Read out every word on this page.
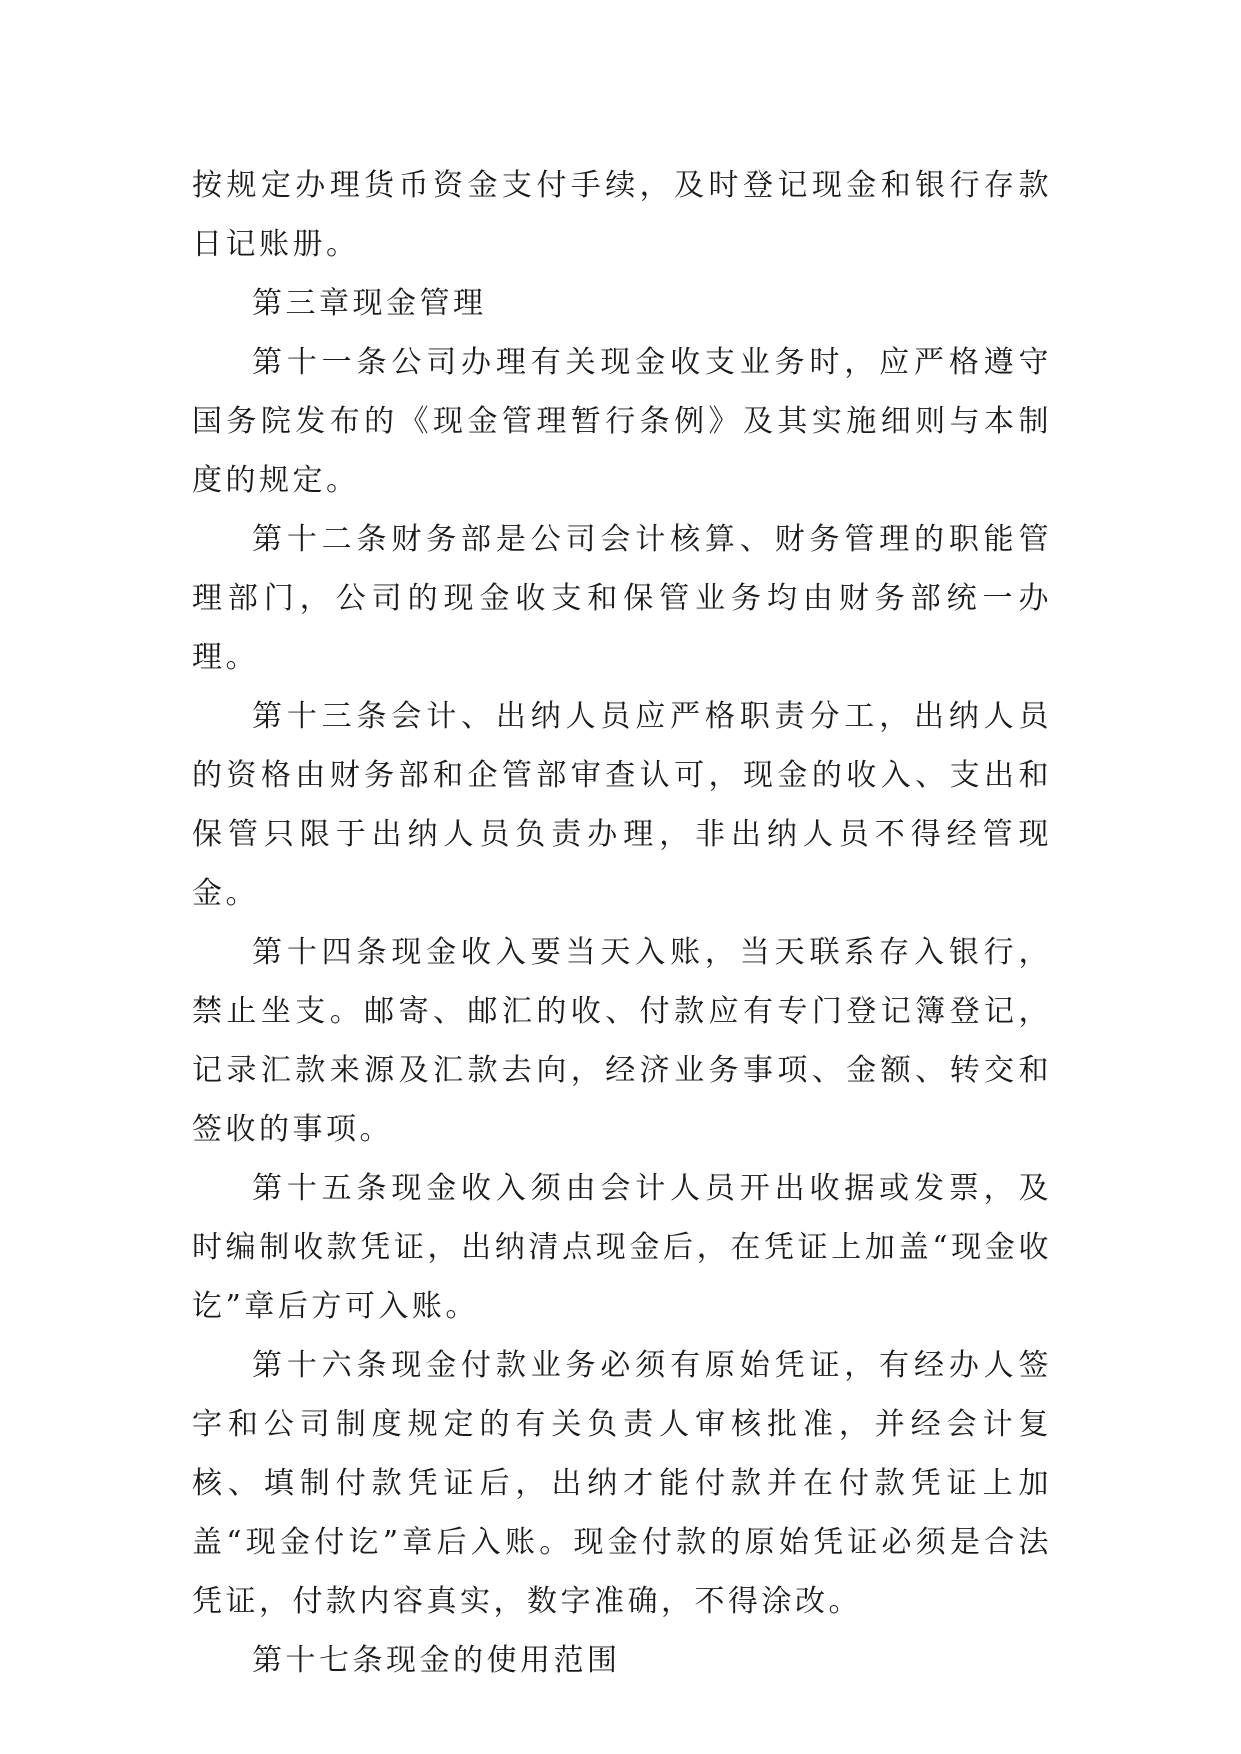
按规定办理货币资金支付手续，及时登记现金和银行存款日记账册。

第三章现金管理

第十一条公司办理有关现金收支业务时，应严格遵守国务院发布的《现金管理暂行条例》及其实施细则与本制度的规定。

第十二条财务部是公司会计核算、财务管理的职能管理部门，公司的现金收支和保管业务均由财务部统一办理。

第十三条会计、出纳人员应严格职责分工，出纳人员的资格由财务部和企管部审查认可，现金的收入、支出和保管只限于出纳人员负责办理，非出纳人员不得经管现金。

第十四条现金收入要当天入账，当天联系存入银行，禁止坐支。邮寄、邮汇的收、付款应有专门登记簿登记，记录汇款来源及汇款去向，经济业务事项、金额、转交和签收的事项。

第十五条现金收入须由会计人员开出收据或发票，及时编制收款凭证，出纳清点现金后，在凭证上加盖“现金收讫”章后方可入账。

第十六条现金付款业务必须有原始凭证，有经办人签字和公司制度规定的有关负责人审核批准，并经会计复核、填制付款凭证后，出纳才能付款并在付款凭证上加盖“现金付讫”章后入账。现金付款的原始凭证必须是合法凭证，付款内容真实，数字准确，不得涂改。

第十七条现金的使用范围
